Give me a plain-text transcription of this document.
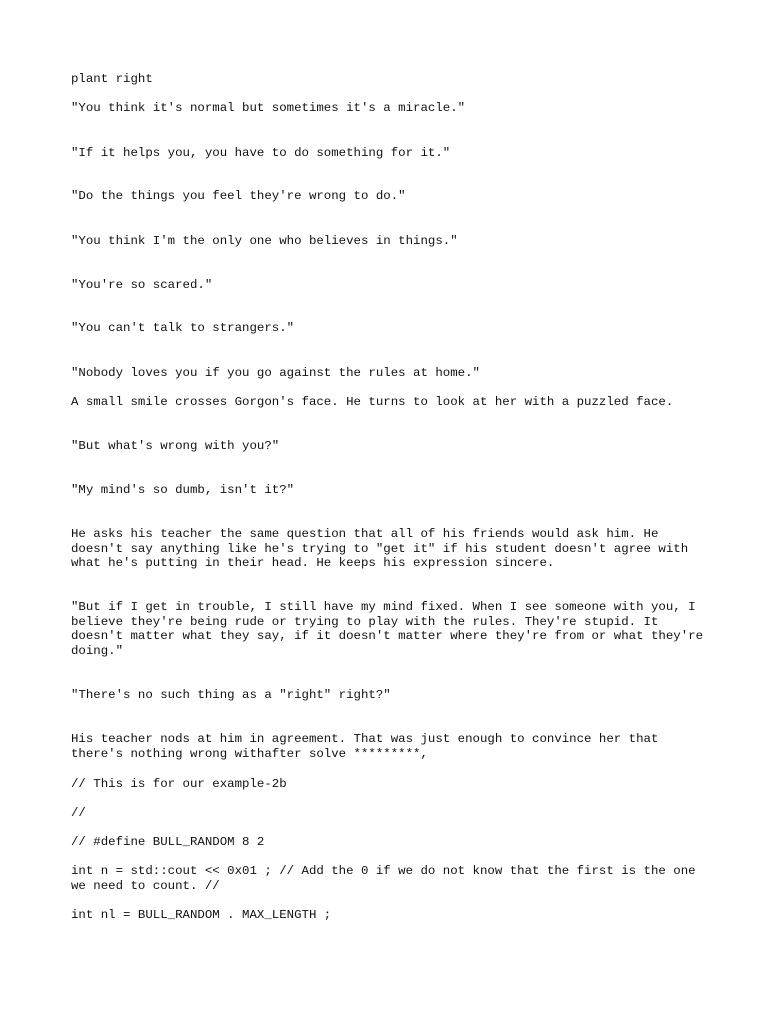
plant right

"You think it's normal but sometimes it's a miracle."

"If it helps you, you have to do something for it."

"Do the things you feel they're wrong to do."

"You think I'm the only one who believes in things."

"You're so scared."

"You can't talk to strangers."

"Nobody loves you if you go against the rules at home."

A small smile crosses Gorgon's face. He turns to look at her with a puzzled face.

"But what's wrong with you?"

"My mind's so dumb, isn't it?"

He asks his teacher the same question that all of his friends would ask him. He doesn't say anything like he's trying to "get it" if his student doesn't agree with what he's putting in their head. He keeps his expression sincere.

"But if I get in trouble, I still have my mind fixed. When I see someone with you, I believe they're being rude or trying to play with the rules. They're stupid. It doesn't matter what they say, if it doesn't matter where they're from or what they're doing."

"There's no such thing as a "right" right?"

His teacher nods at him in agreement. That was just enough to convince her that there's nothing wrong withafter solve *********,

// This is for our example-2b

//

// #define BULL_RANDOM 8 2

int n = std::cout << 0x01 ; // Add the 0 if we do not know that the first is the one we need to count. //

int nl = BULL_RANDOM . MAX_LENGTH ;
